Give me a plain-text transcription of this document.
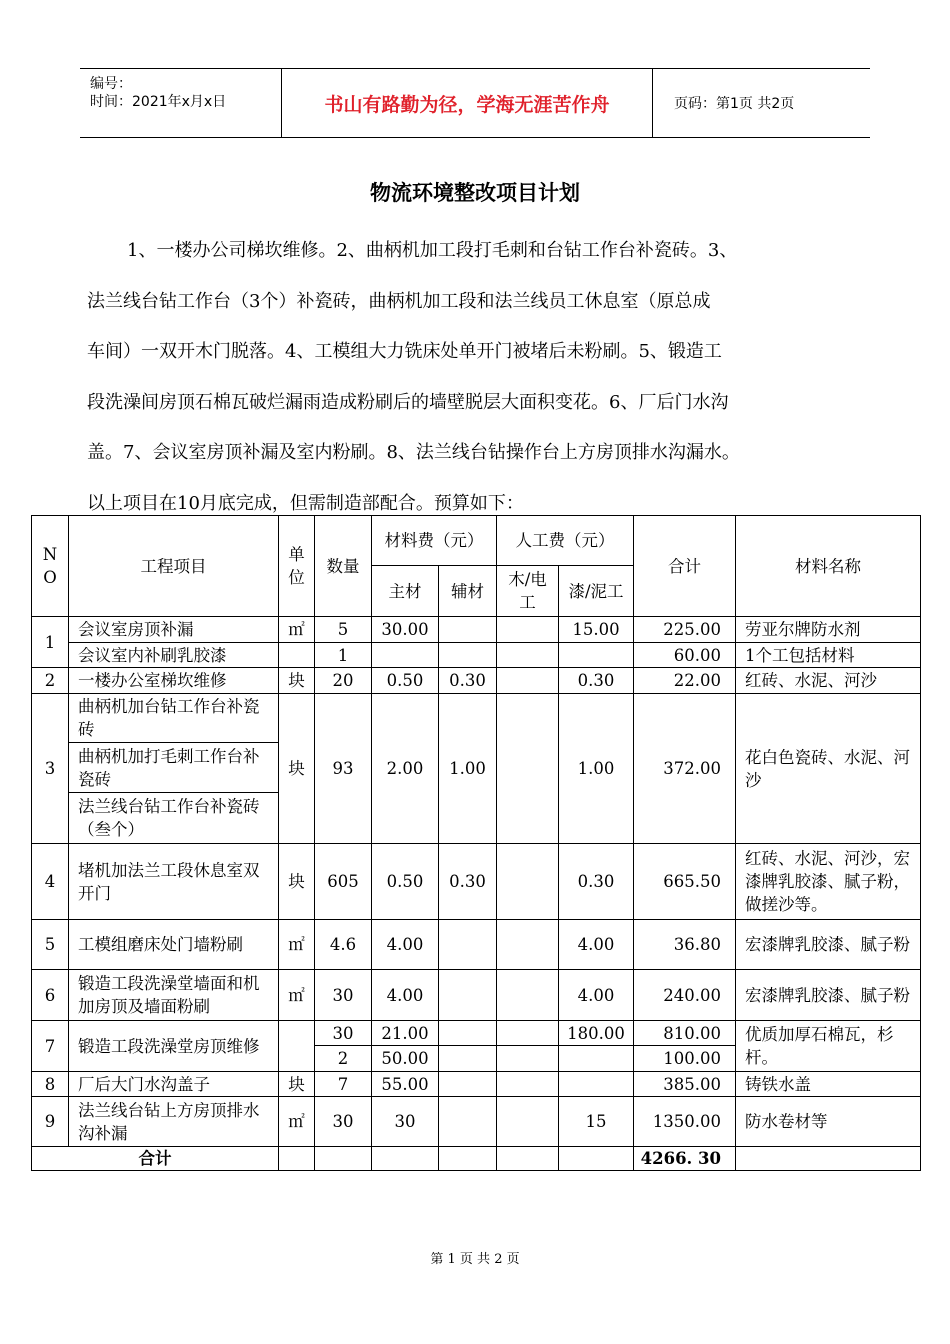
编号：
时间：2021年x月x日	书山有路勤为径，学海无涯苦作舟	页码：第1页 共2页
物流环境整改项目计划

1、一楼办公司梯坎维修。2、曲柄机加工段打毛刺和台钻工作台补瓷砖。3、

法兰线台钻工作台（3个）补瓷砖，曲柄机加工段和法兰线员工休息室（原总成

车间）一双开木门脱落。4、工模组大力铣床处单开门被堵后未粉刷。5、锻造工

段洗澡间房顶石棉瓦破烂漏雨造成粉刷后的墙壁脱层大面积变花。6、厂后门水沟

盖。7、会议室房顶补漏及室内粉刷。8、法兰线台钻操作台上方房顶排水沟漏水。

以上项目在10月底完成，但需制造部配合。预算如下：

N O	工程项目	单位	数量	材料费（元）		人工费（元）		合计	材料名称
				主材	辅材	木/电工	漆/泥工		
1	会议室房顶补漏	㎡	5	30.00			15.00	225.00	劳亚尔牌防水剂
	会议室内补刷乳胶漆		1					60.00	1个工包括材料
2	一楼办公室梯坎维修	块	20	0.50	0.30		0.30	22.00	红砖、水泥、河沙
3	曲柄机加台钻工作台补瓷砖	块	93	2.00	1.00		1.00	372.00	花白色瓷砖、水泥、河沙
	曲柄机加打毛刺工作台补瓷砖								
	法兰线台钻工作台补瓷砖（叁个）								
4	堵机加法兰工段休息室双开门	块	605	0.50	0.30		0.30	665.50	红砖、水泥、河沙，宏漆牌乳胶漆、腻子粉，做搓沙等。
5	工模组磨床处门墙粉刷	㎡	4.6	4.00			4.00	36.80	宏漆牌乳胶漆、腻子粉
6	锻造工段洗澡堂墙面和机加房顶及墙面粉刷	㎡	30	4.00			4.00	240.00	宏漆牌乳胶漆、腻子粉
7	锻造工段洗澡堂房顶维修		30	21.00			180.00	810.00	优质加厚石棉瓦，杉杆。
			2	50.00				100.00	
8	厂后大门水沟盖子	块	7	55.00				385.00	铸铁水盖
9	法兰线台钻上方房顶排水沟补漏	㎡	30	30			15	1350.00	防水卷材等
合计								4266. 30	
第 1 页 共 2 页
